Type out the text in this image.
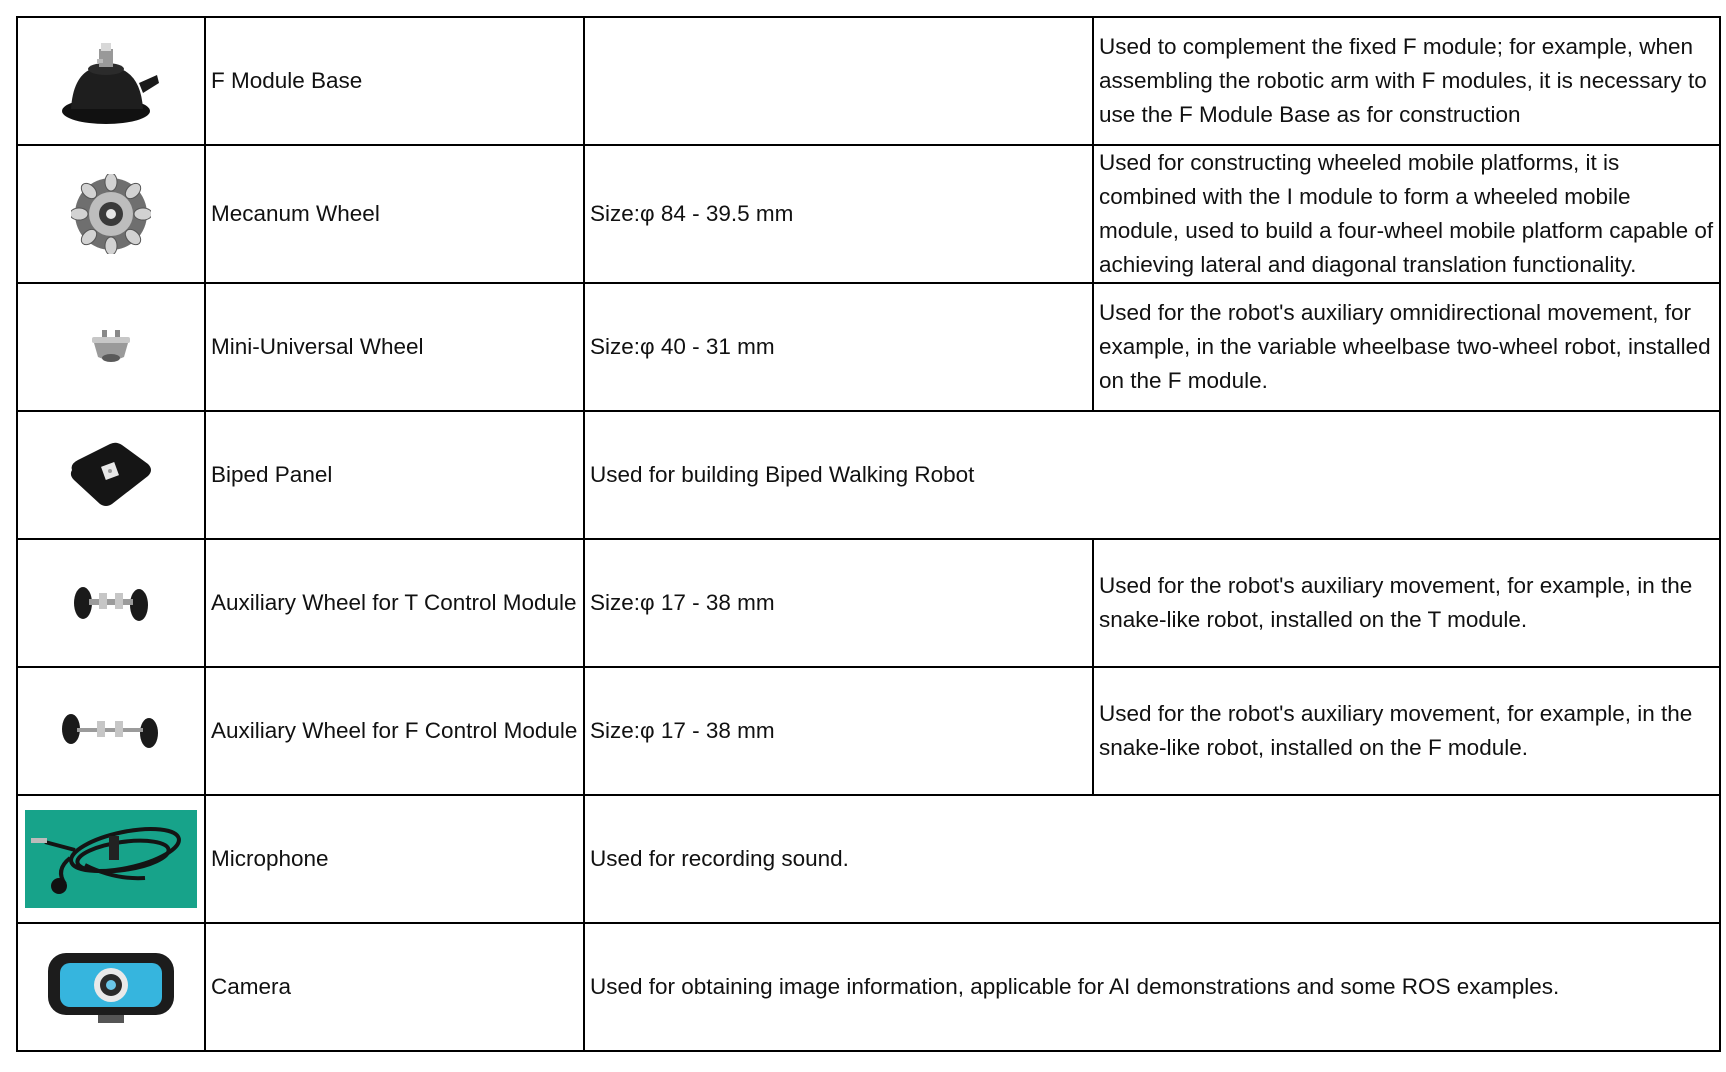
	F Module Base		Used to complement the fixed F module; for example, when assembling the robotic arm with F modules, it is necessary to use the F Module Base as for construction

	Mecanum Wheel	Size:φ 84 - 39.5 mm	Used for constructing wheeled mobile platforms, it is combined with the I module to form a wheeled mobile module, used to build a four-wheel mobile platform capable of achieving lateral and diagonal translation functionality.

	Mini-Universal Wheel	Size:φ 40 - 31 mm	Used for the robot's auxiliary omnidirectional movement, for example, in the variable wheelbase two-wheel robot, installed on the F module.

	Biped Panel	Used for building Biped Walking Robot	

	Auxiliary Wheel for T Control Module	Size:φ 17 - 38 mm	Used for the robot's auxiliary movement, for example, in the snake-like robot, installed on the T module.

	Auxiliary Wheel for F Control Module	Size:φ 17 - 38 mm	Used for the robot's auxiliary movement, for example, in the snake-like robot, installed on the F module.

	Microphone	Used for recording sound.	

	Camera	Used for obtaining image information, applicable for AI demonstrations and some ROS examples.	
